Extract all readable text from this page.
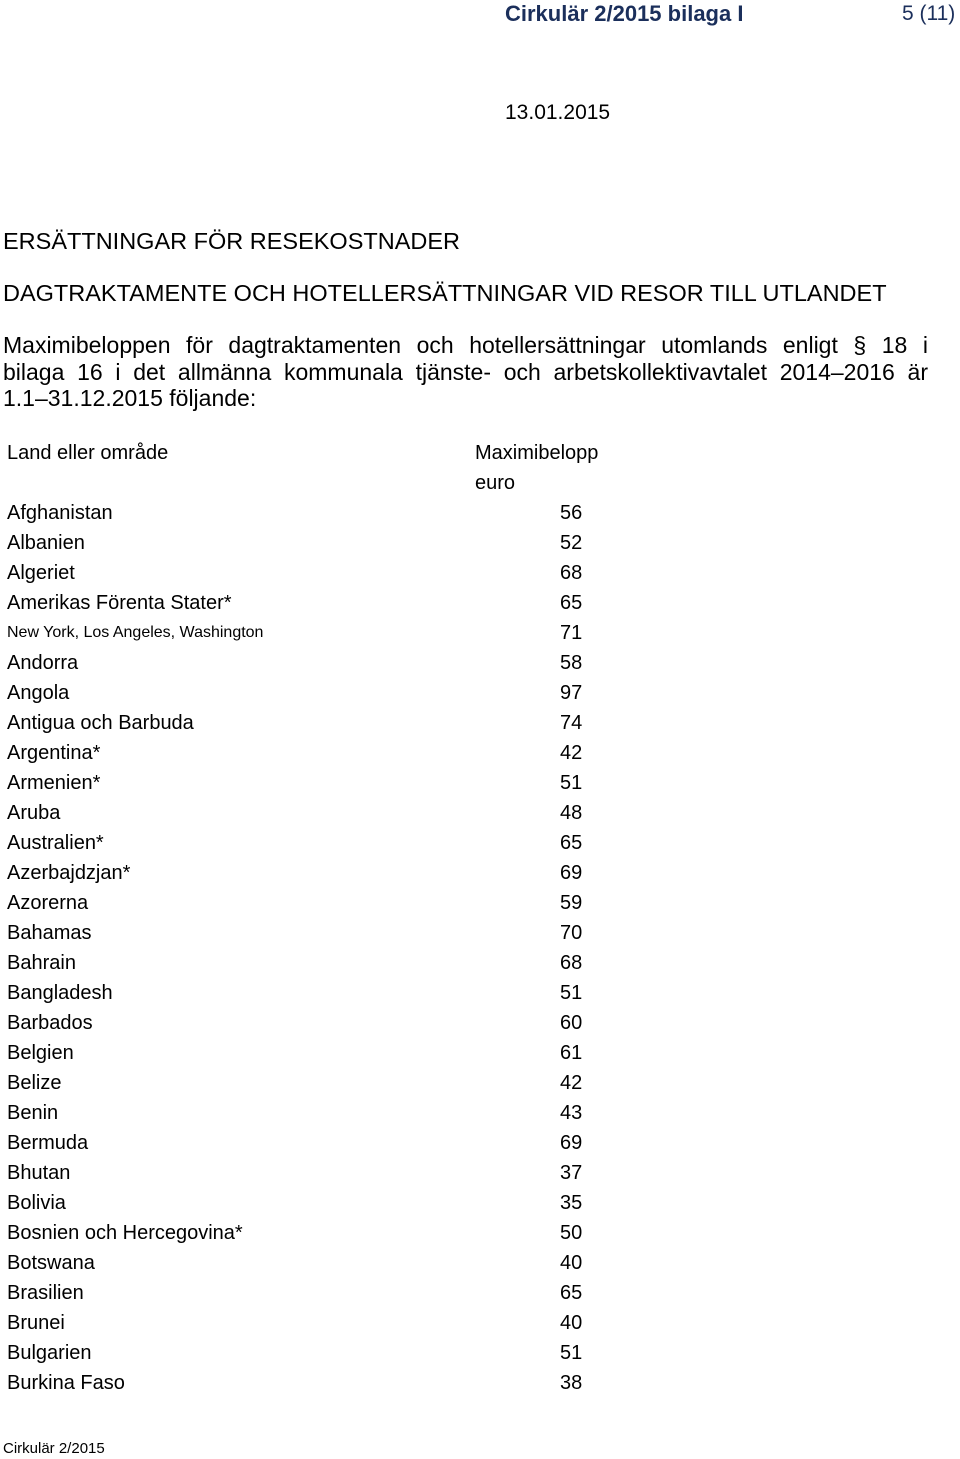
Cirkulär 2/2015 bilaga I	5 (11)
13.01.2015
ERSÄTTNINGAR FÖR RESEKOSTNADER
DAGTRAKTAMENTE OCH HOTELLERSÄTTNINGAR VID RESOR TILL UTLANDET
Maximibeloppen för dagtraktamenten och hotellersättningar utomlands enligt § 18 i
bilaga 16 i det allmänna kommunala tjänste- och arbetskollektivavtalet 2014–2016 är
1.1–31.12.2015 följande:
Land eller område	Maximibelopp
euro
Afghanistan	56
Albanien	52
Algeriet	68
Amerikas Förenta Stater*	65
New York, Los Angeles, Washington	71
Andorra	58
Angola	97
Antigua och Barbuda	74
Argentina*	42
Armenien*	51
Aruba	48
Australien*	65
Azerbajdzjan*	69
Azorerna	59
Bahamas	70
Bahrain	68
Bangladesh	51
Barbados	60
Belgien	61
Belize	42
Benin	43
Bermuda	69
Bhutan	37
Bolivia	35
Bosnien och Hercegovina*	50
Botswana	40
Brasilien	65
Brunei	40
Bulgarien	51
Burkina Faso	38
Cirkulär 2/2015
